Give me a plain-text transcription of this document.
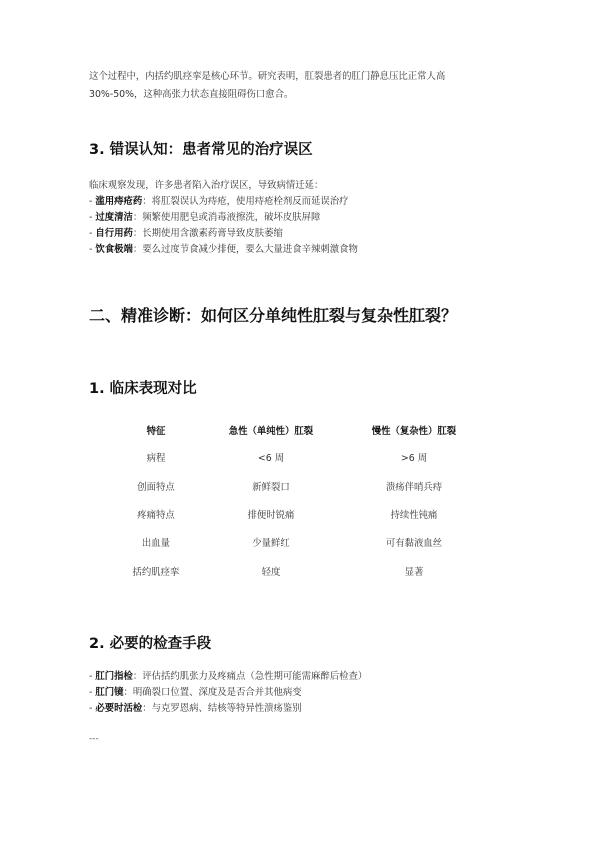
这个过程中，内括约肌痉挛是核心环节。研究表明，肛裂患者的肛门静息压比正常人高
30%-50%，这种高张力状态直接阻碍伤口愈合。
3. 错误认知：患者常见的治疗误区
临床观察发现，许多患者陷入治疗误区，导致病情迁延：
- 滥用痔疮药：将肛裂误认为痔疮，使用痔疮栓剂反而延误治疗
- 过度清洁：频繁使用肥皂或消毒液擦洗，破坏皮肤屏障
- 自行用药：长期使用含激素药膏导致皮肤萎缩
- 饮食极端：要么过度节食减少排便，要么大量进食辛辣刺激食物
二、精准诊断：如何区分单纯性肛裂与复杂性肛裂？
1. 临床表现对比
特征	急性（单纯性）肛裂	慢性（复杂性）肛裂
病程	<6 周	>6 周
创面特点	新鲜裂口	溃疡伴哨兵痔
疼痛特点	排便时锐痛	持续性钝痛
出血量	少量鲜红	可有黏液血丝
括约肌痉挛	轻度	显著
2. 必要的检查手段
- 肛门指检：评估括约肌张力及疼痛点（急性期可能需麻醉后检查）
- 肛门镜：明确裂口位置、深度及是否合并其他病变
- 必要时活检：与克罗恩病、结核等特异性溃疡鉴别
---
